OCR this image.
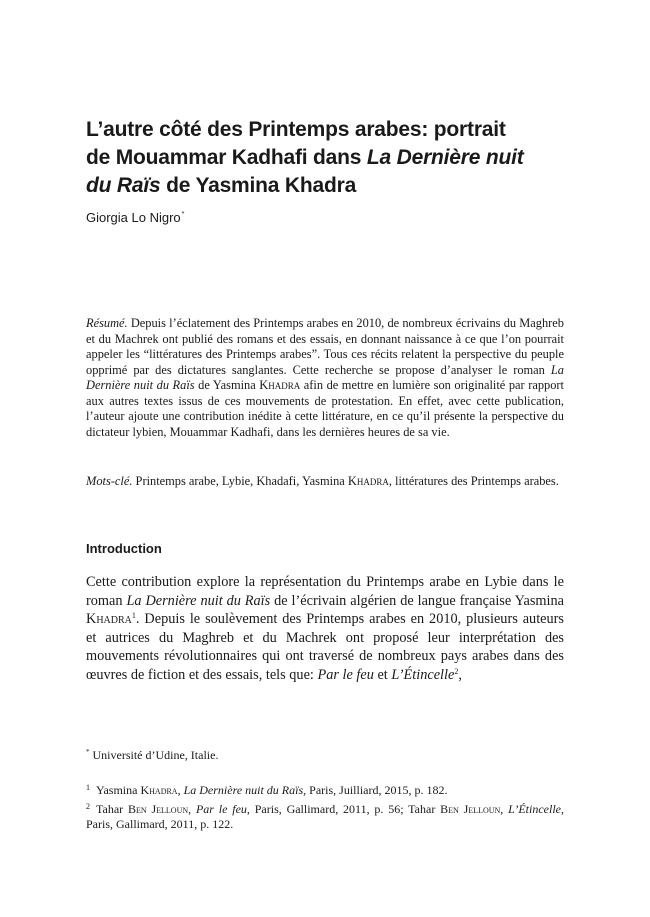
L’autre côté des Printemps arabes: portrait
de Mouammar Kadhafi dans La Dernière nuit
du Raïs de Yasmina Khadra
Giorgia Lo Nigro*

Résumé. Depuis l’éclatement des Printemps arabes en 2010, de nombreux écrivains du Maghreb et du Machrek ont publié des romans et des essais, en donnant naissance à ce que l’on pourrait appeler les “littératures des Printemps arabes”. Tous ces récits relatent la perspective du peuple opprimé par des dictatures sanglantes. Cette recherche se propose d’analyser le roman La Dernière nuit du Raïs de Yasmina Khadra afin de mettre en lumière son originalité par rapport aux autres textes issus de ces mouvements de protestation. En effet, avec cette publication, l’auteur ajoute une contribution inédite à cette littérature, en ce qu’il présente la perspective du dictateur lybien, Mouammar Kadhafi, dans les dernières heures de sa vie.

Mots-clé. Printemps arabe, Lybie, Khadafi, Yasmina Khadra, littératures des Printemps arabes.

Introduction

Cette contribution explore la représentation du Printemps arabe en Lybie dans le roman La Dernière nuit du Raïs de l’écrivain algérien de langue française Yasmina Khadra$^1$. Depuis le soulèvement des Printemps arabes en 2010, plusieurs auteurs et autrices du Maghreb et du Machrek ont proposé leur interprétation des mouvements révolutionnaires qui ont traversé de nombreux pays arabes dans des œuvres de fiction et des essais, tels que: Par le feu et L’Étincelle$^2$,

* Université d’Udine, Italie.

$^1$ Yasmina Khadra, La Dernière nuit du Raïs, Paris, Juilliard, 2015, p. 182.

$^2$ Tahar Ben Jelloun, Par le feu, Paris, Gallimard, 2011, p. 56; Tahar Ben Jelloun, L’Étincelle, Paris, Gallimard, 2011, p. 122.
